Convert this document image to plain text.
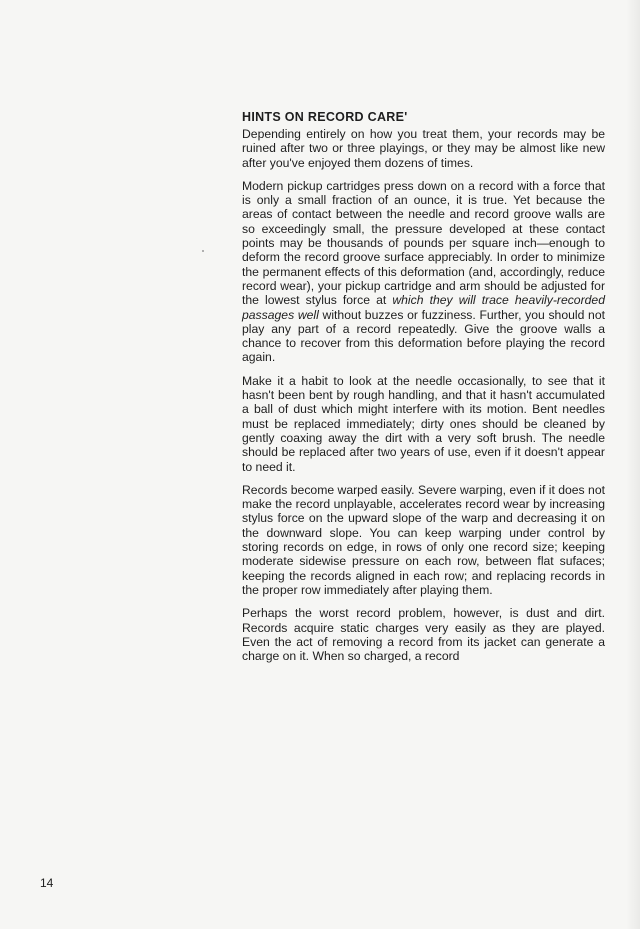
HINTS ON RECORD CARE'

Depending entirely on how you treat them, your records may be ruined after two or three playings, or they may be almost like new after you've enjoyed them dozens of times.

Modern pickup cartridges press down on a record with a force that is only a small fraction of an ounce, it is true. Yet because the areas of contact between the needle and record groove walls are so exceedingly small, the pressure developed at these contact points may be thousands of pounds per square inch—enough to deform the record groove surface appreciably. In order to minimize the permanent effects of this deformation (and, accordingly, reduce record wear), your pickup cartridge and arm should be adjusted for the lowest stylus force at which they will trace heavily-recorded passages well without buzzes or fuzziness. Further, you should not play any part of a record repeatedly. Give the groove walls a chance to recover from this deformation before playing the record again.

Make it a habit to look at the needle occasionally, to see that it hasn't been bent by rough handling, and that it hasn't accumulated a ball of dust which might interfere with its motion. Bent needles must be replaced immediately; dirty ones should be cleaned by gently coaxing away the dirt with a very soft brush. The needle should be replaced after two years of use, even if it doesn't appear to need it.

Records become warped easily. Severe warping, even if it does not make the record unplayable, accelerates record wear by increasing stylus force on the upward slope of the warp and decreasing it on the downward slope. You can keep warping under control by storing records on edge, in rows of only one record size; keeping moderate sidewise pressure on each row, between flat sufaces; keeping the records aligned in each row; and replacing records in the proper row immediately after playing them.

Perhaps the worst record problem, however, is dust and dirt. Records acquire static charges very easily as they are played. Even the act of removing a record from its jacket can generate a charge on it. When so charged, a record

14
